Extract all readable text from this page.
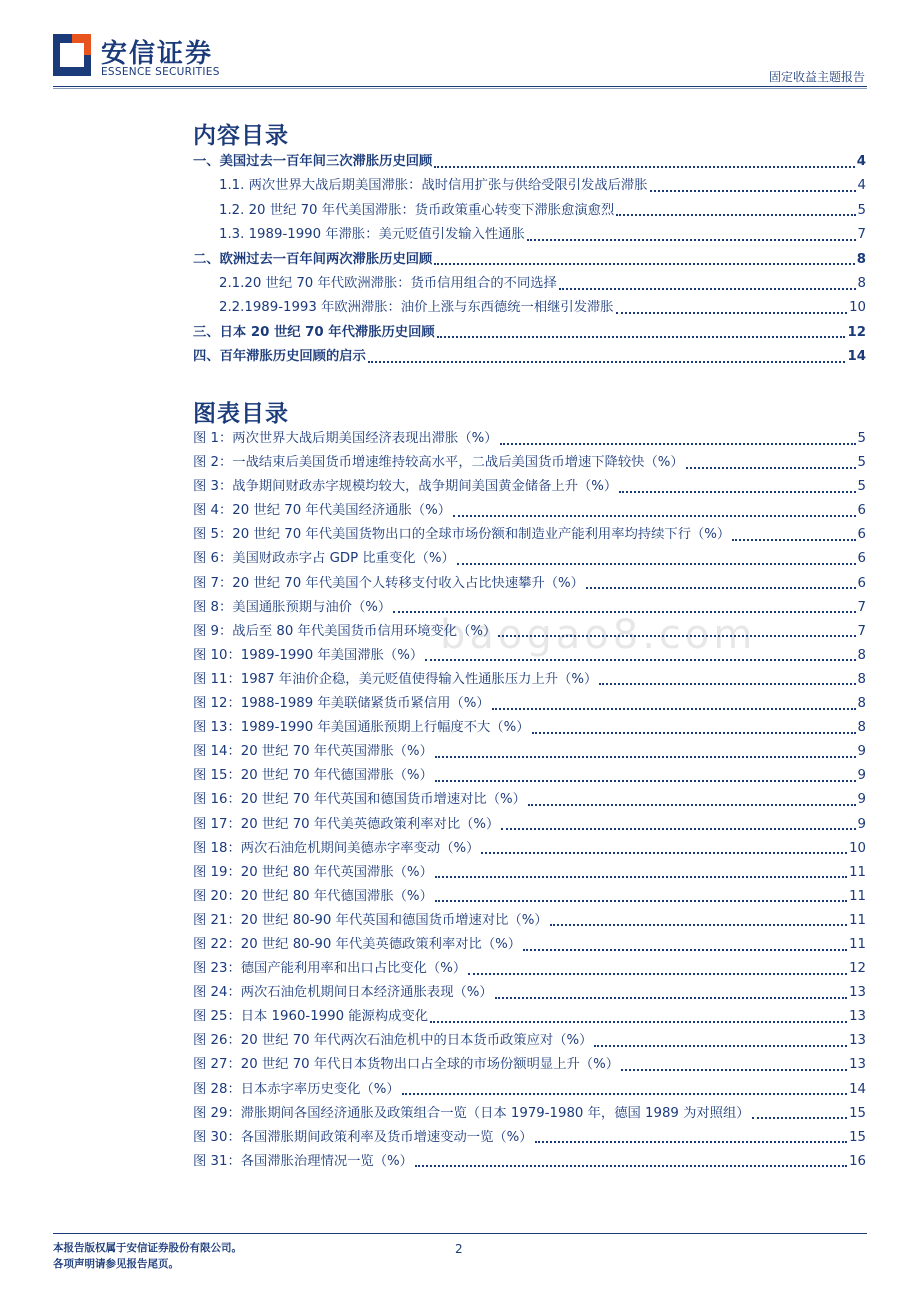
安信证券
ESSENCE SECURITIES	固定收益主题报告
baogao8.com
内容目录
一、美国过去一百年间三次滞胀历史回顾	4
1.1. 两次世界大战后期美国滞胀：战时信用扩张与供给受限引发战后滞胀	4
1.2. 20 世纪 70 年代美国滞胀：货币政策重心转变下滞胀愈演愈烈	5
1.3. 1989-1990 年滞胀：美元贬值引发输入性通胀	7
二、欧洲过去一百年间两次滞胀历史回顾	8
2.1.20 世纪 70 年代欧洲滞胀：货币信用组合的不同选择	8
2.2.1989-1993 年欧洲滞胀：油价上涨与东西德统一相继引发滞胀	10
三、日本 20 世纪 70 年代滞胀历史回顾	12
四、百年滞胀历史回顾的启示	14
图表目录
图 1：两次世界大战后期美国经济表现出滞胀（%）	5
图 2：一战结束后美国货币增速维持较高水平，二战后美国货币增速下降较快（%）	5
图 3：战争期间财政赤字规模均较大，战争期间美国黄金储备上升（%）	5
图 4：20 世纪 70 年代美国经济通胀（%）	6
图 5：20 世纪 70 年代美国货物出口的全球市场份额和制造业产能利用率均持续下行（%）	6
图 6：美国财政赤字占 GDP 比重变化（%）	6
图 7：20 世纪 70 年代美国个人转移支付收入占比快速攀升（%）	6
图 8：美国通胀预期与油价（%）	7
图 9：战后至 80 年代美国货币信用环境变化（%）	7
图 10：1989-1990 年美国滞胀（%）	8
图 11：1987 年油价企稳，美元贬值使得输入性通胀压力上升（%）	8
图 12：1988-1989 年美联储紧货币紧信用（%）	8
图 13：1989-1990 年美国通胀预期上行幅度不大（%）	8
图 14：20 世纪 70 年代英国滞胀（%）	9
图 15：20 世纪 70 年代德国滞胀（%）	9
图 16：20 世纪 70 年代英国和德国货币增速对比（%）	9
图 17：20 世纪 70 年代美英德政策利率对比（%）	9
图 18：两次石油危机期间美德赤字率变动（%）	10
图 19：20 世纪 80 年代英国滞胀（%）	11
图 20：20 世纪 80 年代德国滞胀（%）	11
图 21：20 世纪 80-90 年代英国和德国货币增速对比（%）	11
图 22：20 世纪 80-90 年代美英德政策利率对比（%）	11
图 23：德国产能利用率和出口占比变化（%）	12
图 24：两次石油危机期间日本经济通胀表现（%）	13
图 25：日本 1960-1990 能源构成变化	13
图 26：20 世纪 70 年代两次石油危机中的日本货币政策应对（%）	13
图 27：20 世纪 70 年代日本货物出口占全球的市场份额明显上升（%）	13
图 28：日本赤字率历史变化（%）	14
图 29：滞胀期间各国经济通胀及政策组合一览（日本 1979-1980 年，德国 1989 为对照组）	15
图 30：各国滞胀期间政策利率及货币增速变动一览（%）	15
图 31：各国滞胀治理情况一览（%）	16
本报告版权属于安信证券股份有限公司。
各项声明请参见报告尾页。
2
